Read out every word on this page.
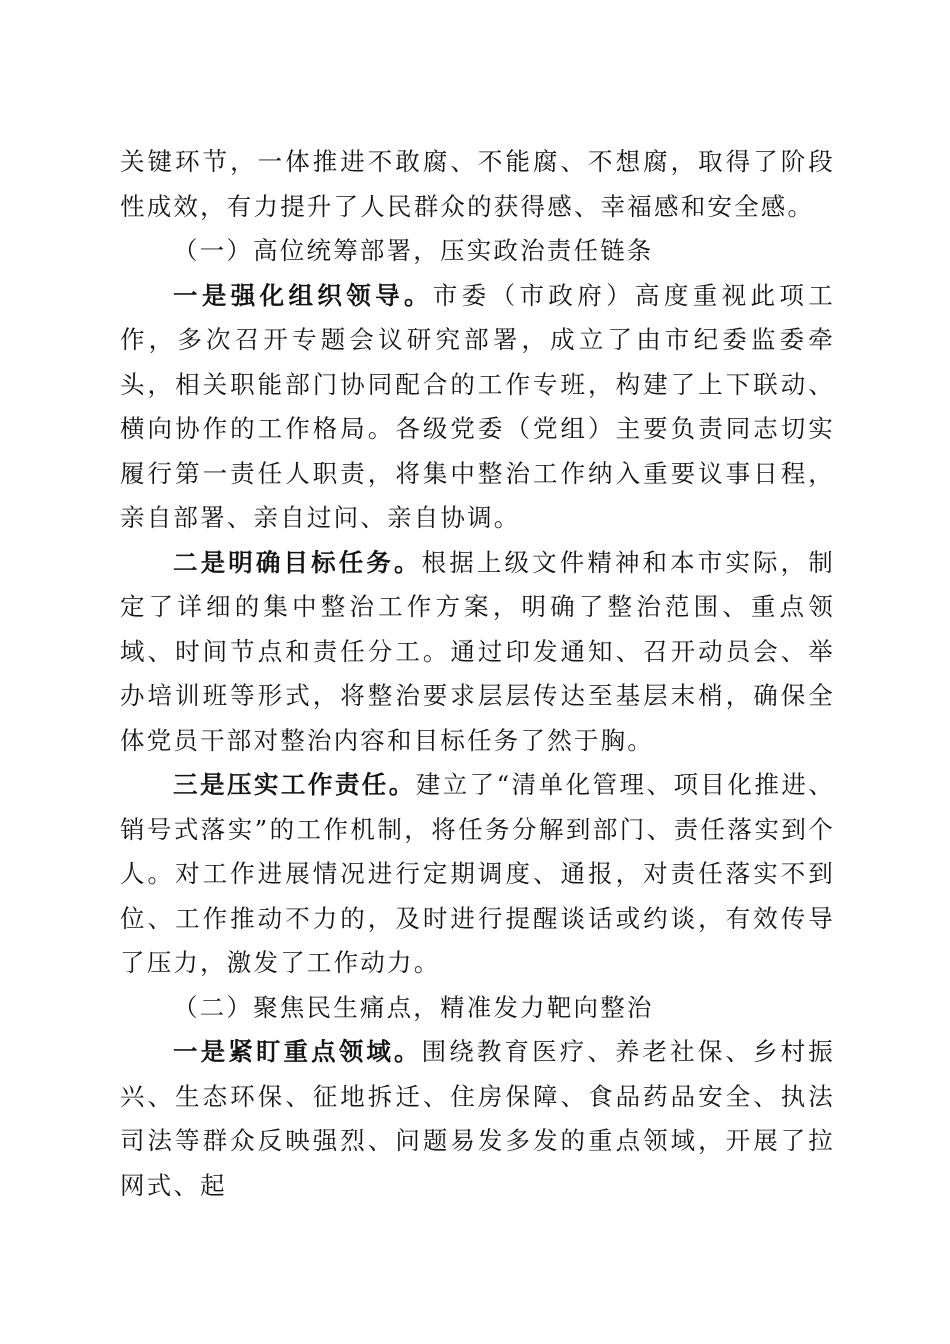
关键环节，一体推进不敢腐、不能腐、不想腐，取得了阶段性成效，有力提升了人民群众的获得感、幸福感和安全感。

（一）高位统筹部署，压实政治责任链条

一是强化组织领导。市委（市政府）高度重视此项工作，多次召开专题会议研究部署，成立了由市纪委监委牵头，相关职能部门协同配合的工作专班，构建了上下联动、横向协作的工作格局。各级党委（党组）主要负责同志切实履行第一责任人职责，将集中整治工作纳入重要议事日程，亲自部署、亲自过问、亲自协调。

二是明确目标任务。根据上级文件精神和本市实际，制定了详细的集中整治工作方案，明确了整治范围、重点领域、时间节点和责任分工。通过印发通知、召开动员会、举办培训班等形式，将整治要求层层传达至基层末梢，确保全体党员干部对整治内容和目标任务了然于胸。

三是压实工作责任。建立了“清单化管理、项目化推进、销号式落实”的工作机制，将任务分解到部门、责任落实到个人。对工作进展情况进行定期调度、通报，对责任落实不到位、工作推动不力的，及时进行提醒谈话或约谈，有效传导了压力，激发了工作动力。

（二）聚焦民生痛点，精准发力靶向整治

一是紧盯重点领域。围绕教育医疗、养老社保、乡村振兴、生态环保、征地拆迁、住房保障、食品药品安全、执法司法等群众反映强烈、问题易发多发的重点领域，开展了拉网式、起
